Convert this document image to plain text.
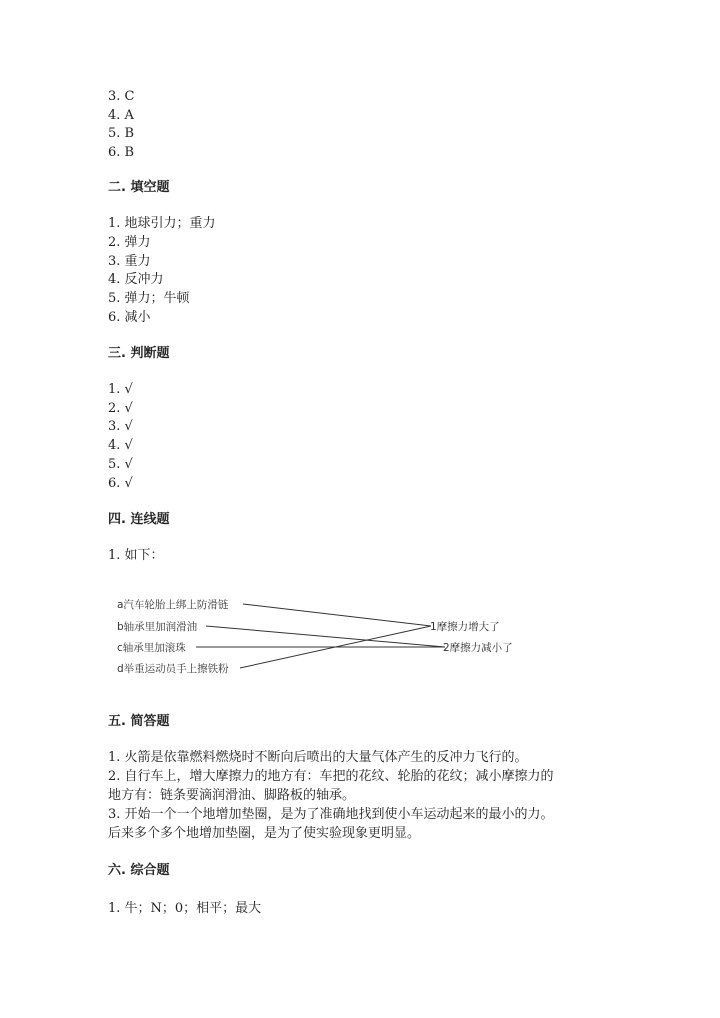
3. C
4. A
5. B
6. B
二. 填空题
1. 地球引力；重力
2. 弹力
3. 重力
4. 反冲力
5. 弹力；牛顿
6. 减小
三. 判断题
1. √
2. √
3. √
4. √
5. √
6. √
四. 连线题
1. 如下：
a汽车轮胎上绑上防滑链
b轴承里加润滑油
c轴承里加滚珠
d举重运动员手上擦铁粉
1摩擦力增大了
2摩擦力减小了
五. 简答题
1. 火箭是依靠燃料燃烧时不断向后喷出的大量气体产生的反冲力飞行的。
2. 自行车上，增大摩擦力的地方有：车把的花纹、轮胎的花纹；减小摩擦力的
地方有：链条要滴润滑油、脚路板的轴承。
3. 开始一个一个地增加垫圈，是为了准确地找到使小车运动起来的最小的力。
后来多个多个地增加垫圈，是为了使实验现象更明显。
六. 综合题
1. 牛；N；0；相平；最大
